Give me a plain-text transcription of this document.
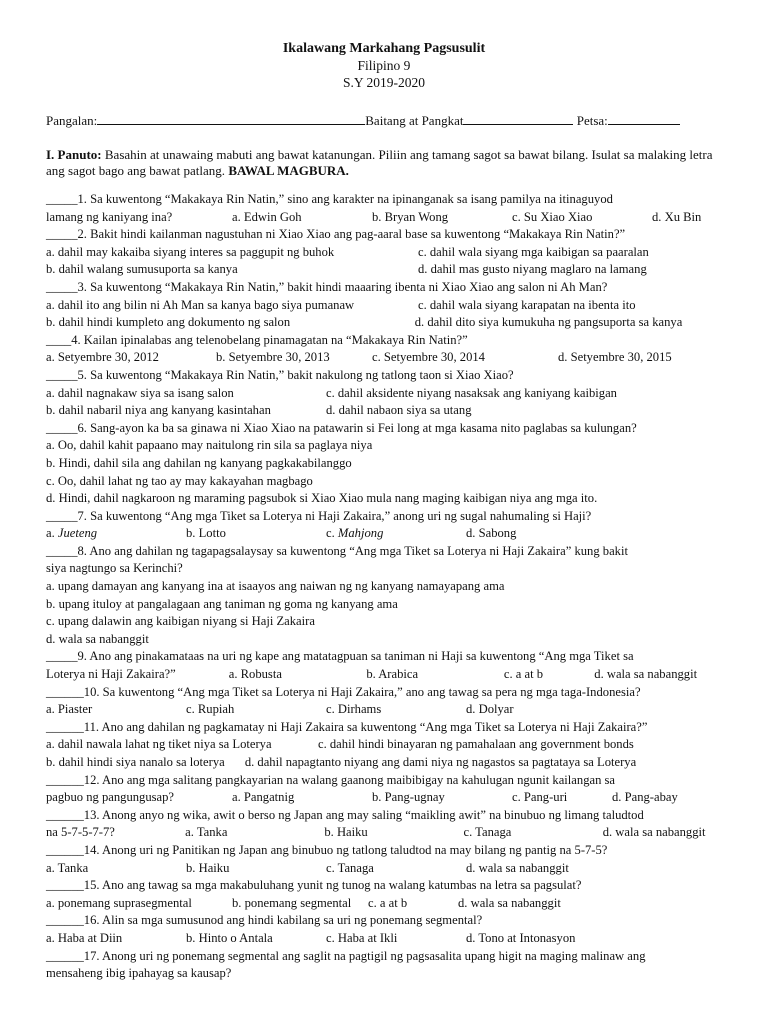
Ikalawang Markahang Pagsusulit
Filipino 9
S.Y 2019-2020
Pangalan:	Baitang at Pangkat	Petsa:
I. Panuto: Basahin at unawaing mabuti ang bawat katanungan. Piliin ang tamang sagot sa bawat bilang. Isulat sa malaking letra ang sagot bago ang bawat patlang. BAWAL MAGBURA.
_____1. Sa kuwentong “Makakaya Rin Natin,” sino ang karakter na ipinanganak sa isang pamilya na itinaguyod
lamang ng kaniyang ina?	a. Edwin Goh	b. Bryan Wong	c. Su Xiao Xiao	d. Xu Bin
_____2. Bakit hindi kailanman nagustuhan ni Xiao Xiao ang pag-aaral base sa kuwentong “Makakaya Rin Natin?”
a. dahil may kakaiba siyang interes sa paggupit ng buhok	c. dahil wala siyang mga kaibigan sa paaralan
b. dahil walang sumusuporta sa kanya	d. dahil mas gusto niyang maglaro na lamang
_____3. Sa kuwentong “Makakaya Rin Natin,” bakit hindi maaaring ibenta ni Xiao Xiao ang salon ni Ah Man?
a. dahil ito ang bilin ni Ah Man sa kanya bago siya pumanaw	c. dahil wala siyang karapatan na ibenta ito
b. dahil hindi kumpleto ang dokumento ng salon	d. dahil dito siya kumukuha ng pangsuporta sa kanya
____4. Kailan ipinalabas ang telenobelang pinamagatan na “Makakaya Rin Natin?”
a. Setyembre 30, 2012	b. Setyembre 30, 2013	c. Setyembre 30, 2014	d. Setyembre 30, 2015
_____5. Sa kuwentong “Makakaya Rin Natin,” bakit nakulong ng tatlong taon si Xiao Xiao?
a. dahil nagnakaw siya sa isang salon	c. dahil aksidente niyang nasaksak ang kaniyang kaibigan
b. dahil nabaril niya ang kanyang kasintahan	d. dahil nabaon siya sa utang
_____6. Sang-ayon ka ba sa ginawa ni Xiao Xiao na patawarin si Fei long at mga kasama nito paglabas sa kulungan?
a. Oo, dahil kahit papaano may naitulong rin sila sa paglaya niya
b. Hindi, dahil sila ang dahilan ng kanyang pagkakabilanggo
c. Oo, dahil lahat ng tao ay may kakayahan magbago
d. Hindi, dahil nagkaroon ng maraming pagsubok si Xiao Xiao mula nang maging kaibigan niya ang mga ito.
_____7. Sa kuwentong “Ang mga Tiket sa Loterya ni Haji Zakaira,” anong uri ng sugal nahumaling si Haji?
a. Jueteng	b. Lotto	c. Mahjong	d. Sabong
_____8. Ano ang dahilan ng tagapagsalaysay sa kuwentong “Ang mga Tiket sa Loterya ni Haji Zakaira” kung bakit
siya nagtungo sa Kerinchi?
a. upang damayan ang kanyang ina at isaayos ang naiwan ng ng kanyang namayapang ama
b. upang ituloy at pangalagaan ang taniman ng goma ng kanyang ama
c. upang dalawin ang kaibigan niyang si Haji Zakaira
d. wala sa nabanggit
_____9. Ano ang pinakamataas na uri ng kape ang matatagpuan sa taniman ni Haji sa kuwentong “Ang mga Tiket sa
Loterya ni Haji Zakaira?”	a. Robusta	b. Arabica	c. a at b	d. wala sa nabanggit
______10. Sa kuwentong “Ang mga Tiket sa Loterya ni Haji Zakaira,” ano ang tawag sa pera ng mga taga-Indonesia?
a. Piaster	c. Rupiah	c. Dirhams	d. Dolyar
______11. Ano ang dahilan ng pagkamatay ni Haji Zakaira sa kuwentong “Ang mga Tiket sa Loterya ni Haji Zakaira?”
a. dahil nawala lahat ng tiket niya sa Loterya	c. dahil hindi binayaran ng pamahalaan ang government bonds
b. dahil hindi siya nanalo sa loterya	d. dahil napagtanto niyang ang dami niya ng nagastos sa pagtataya sa Loterya
______12. Ano ang mga salitang pangkayarian na walang gaanong maibibigay na kahulugan ngunit kailangan sa
pagbuo ng pangungusap?	a. Pangatnig	b. Pang-ugnay	c. Pang-uri	d. Pang-abay
______13. Anong anyo ng wika, awit o berso ng Japan ang may saling “maikling awit” na binubuo ng limang taludtod
na 5-7-5-7-7?	a. Tanka	b. Haiku	c. Tanaga	d. wala sa nabanggit
______14. Anong uri ng Panitikan ng Japan ang binubuo ng tatlong taludtod na may bilang ng pantig na 5-7-5?
a. Tanka	b. Haiku	c. Tanaga	d. wala sa nabanggit
______15. Ano ang tawag sa mga makabuluhang yunit ng tunog na walang katumbas na letra sa pagsulat?
a. ponemang suprasegmental	b. ponemang segmental	c. a at b	d. wala sa nabanggit
______16. Alin sa mga sumusunod ang hindi kabilang sa uri ng ponemang segmental?
a. Haba at Diin	b. Hinto o Antala	c. Haba at Ikli	d. Tono at Intonasyon
______17. Anong uri ng ponemang segmental ang saglit na pagtigil ng pagsasalita upang higit na maging malinaw ang
mensaheng ibig ipahayag sa kausap?
